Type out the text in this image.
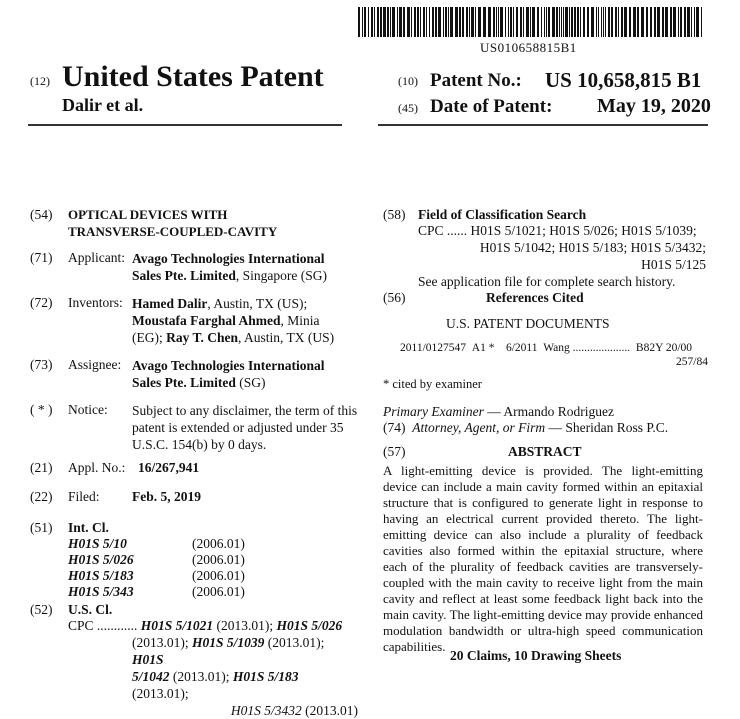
US010658815B1
(12) United States Patent
Dalir et al.
(10) Patent No.: US 10,658,815 B1
(45) Date of Patent: May 19, 2020
(54) OPTICAL DEVICES WITH
TRANSVERSE-COUPLED-CAVITY
(71) Applicant: Avago Technologies International
Sales Pte. Limited, Singapore (SG)
(72) Inventors: Hamed Dalir, Austin, TX (US);
Moustafa Farghal Ahmed, Minia
(EG); Ray T. Chen, Austin, TX (US)
(73) Assignee: Avago Technologies International
Sales Pte. Limited (SG)
( * ) Notice: Subject to any disclaimer, the term of this
patent is extended or adjusted under 35
U.S.C. 154(b) by 0 days.
(21) Appl. No.: 16/267,941
(22) Filed: Feb. 5, 2019
(51) Int. Cl.
H01S 5/10	(2006.01)
H01S 5/026	(2006.01)
H01S 5/183	(2006.01)
H01S 5/343	(2006.01)
(52) U.S. Cl.
CPC ............ H01S 5/1021 (2013.01); H01S 5/026
(2013.01); H01S 5/1039 (2013.01); H01S
5/1042 (2013.01); H01S 5/183 (2013.01);
H01S 5/3432 (2013.01)
(58) Field of Classification Search
CPC ...... H01S 5/1021; H01S 5/026; H01S 5/1039;
H01S 5/1042; H01S 5/183; H01S 5/3432;
H01S 5/125
See application file for complete search history.
(56)	References Cited
U.S. PATENT DOCUMENTS
2011/0127547 A1 * 6/2011 Wang .................... B82Y 20/00
257/84
* cited by examiner
Primary Examiner — Armando Rodriguez
(74) Attorney, Agent, or Firm — Sheridan Ross P.C.
(57)	ABSTRACT
A light-emitting device is provided. The light-emitting device can include a main cavity formed within an epitaxial structure that is configured to generate light in response to having an electrical current provided thereto. The light-emitting device can also include a plurality of feedback cavities also formed within the epitaxial structure, where each of the plurality of feedback cavities are transversely-coupled with the main cavity to receive light from the main cavity and reflect at least some feedback light back into the main cavity. The light-emitting device may provide enhanced modulation bandwidth or ultra-high speed communication capabilities.
20 Claims, 10 Drawing Sheets
